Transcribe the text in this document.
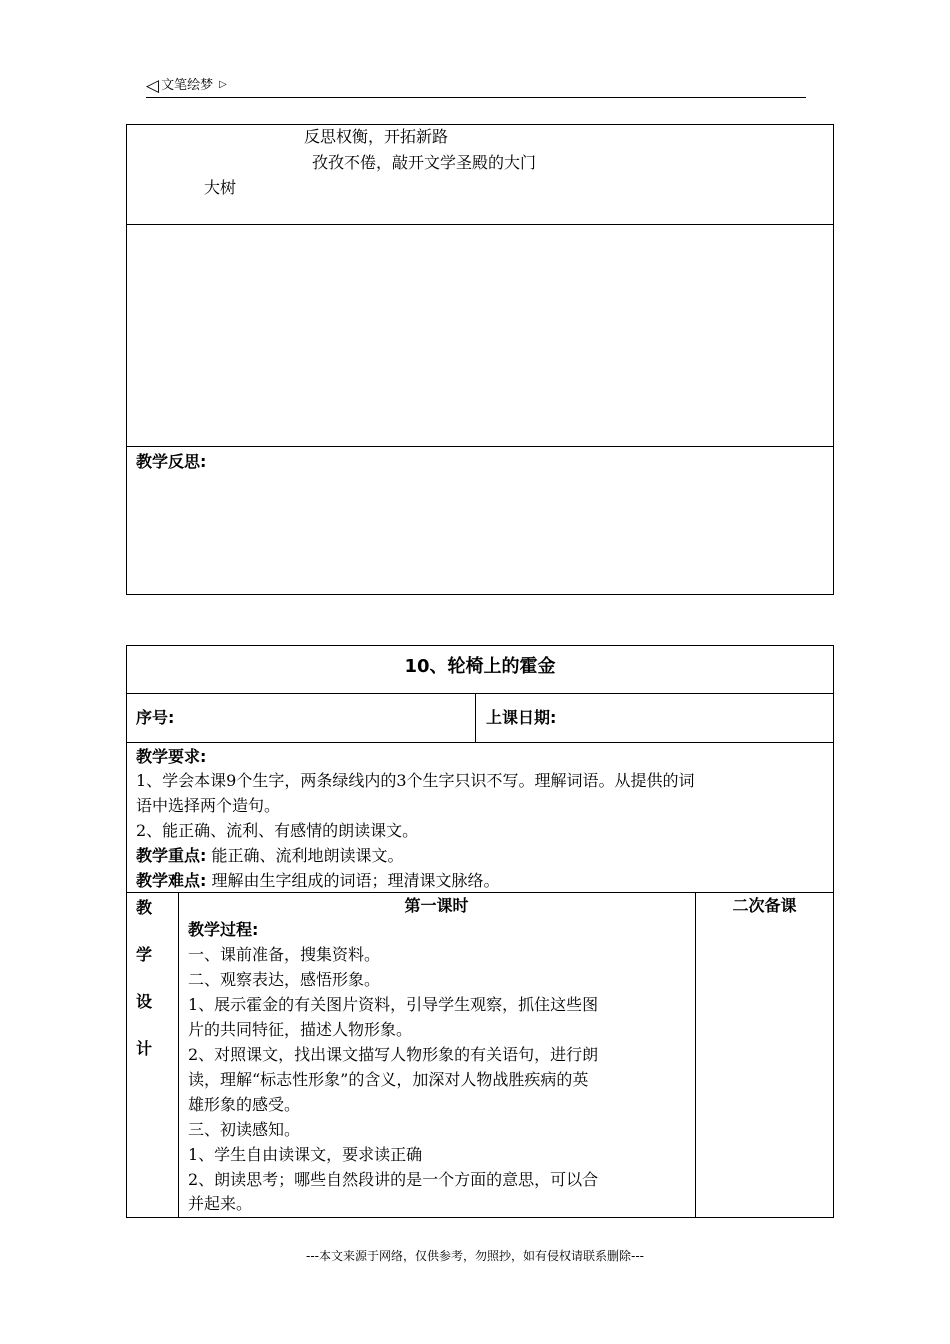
◁ 文笔绘梦 ▷
反思权衡，开拓新路
孜孜不倦，敲开文学圣殿的大门
大树
教学反思:
10、轮椅上的霍金
序号:	上课日期:
教学要求:
1、学会本课9个生字，两条绿线内的3个生字只识不写。理解词语。从提供的词
语中选择两个造句。
2、能正确、流利、有感情的朗读课文。
教学重点: 能正确、流利地朗读课文。
教学难点: 理解由生字组成的词语；理清课文脉络。
教
学
设
计
第一课时	二次备课
教学过程:
一、课前准备，搜集资料。
二、观察表达，感悟形象。
1、展示霍金的有关图片资料，引导学生观察，抓住这些图
片的共同特征，描述人物形象。
2、对照课文，找出课文描写人物形象的有关语句，进行朗
读，理解“标志性形象”的含义，加深对人物战胜疾病的英
雄形象的感受。
三、初读感知。
1、学生自由读课文，要求读正确
2、朗读思考；哪些自然段讲的是一个方面的意思，可以合
并起来。
---本文来源于网络，仅供参考，勿照抄，如有侵权请联系删除---
